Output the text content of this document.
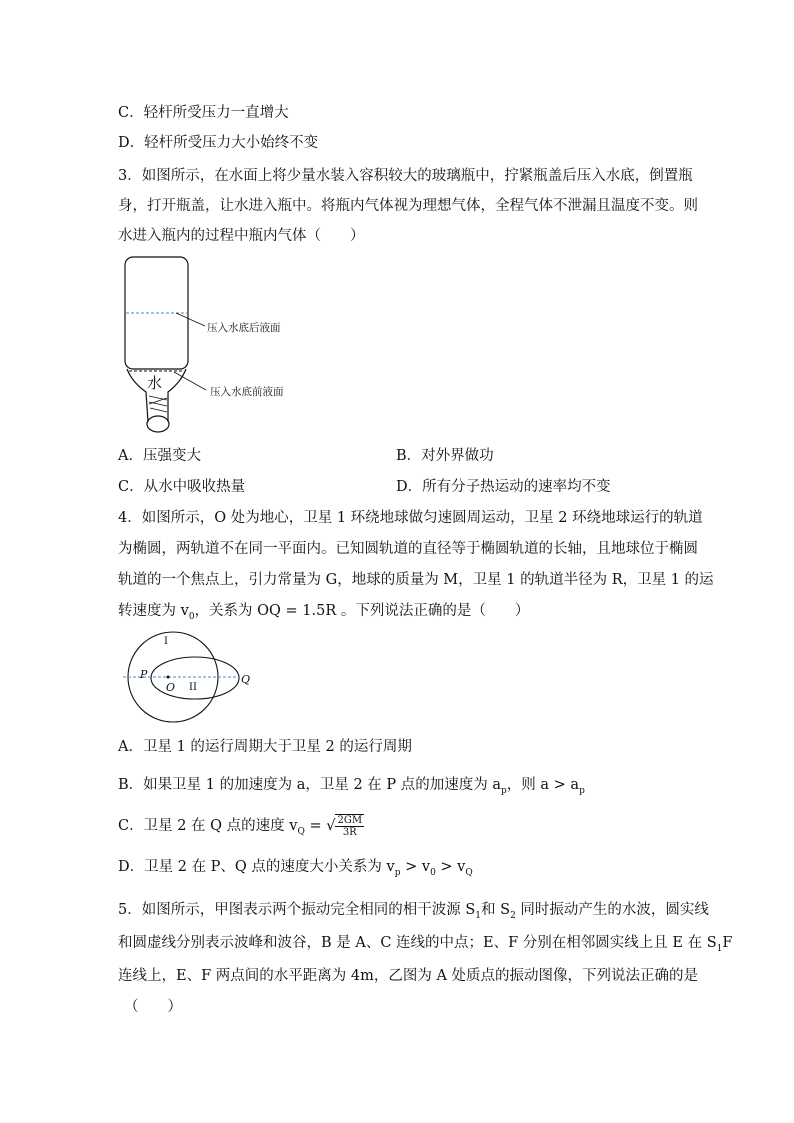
C．轻杆所受压力一直增大
D．轻杆所受压力大小始终不变
3．如图所示，在水面上将少量水装入容积较大的玻璃瓶中，拧紧瓶盖后压入水底，倒置瓶
身，打开瓶盖，让水进入瓶中。将瓶内气体视为理想气体，全程气体不泄漏且温度不变。则
水进入瓶内的过程中瓶内气体（　　）
水
压入水底后液面
压入水底前液面
A．压强变大	B．对外界做功
C．从水中吸收热量	D．所有分子热运动的速率均不变
4．如图所示，O 处为地心，卫星 1 环绕地球做匀速圆周运动，卫星 2 环绕地球运行的轨道
为椭圆，两轨道不在同一平面内。已知圆轨道的直径等于椭圆轨道的长轴，且地球位于椭圆
轨道的一个焦点上，引力常量为 G，地球的质量为 M，卫星 1 的轨道半径为 R，卫星 1 的运
转速度为 $v_0$，关系为 OQ = 1.5R 。下列说法正确的是（　　）
I
II
P
O
Q
A．卫星 1 的运行周期大于卫星 2 的运行周期
B．如果卫星 1 的加速度为 a，卫星 2 在 P 点的加速度为 $a_p$，则 $a > a_p$
C．卫星 2 在 Q 点的速度 $v_Q$ = √ $\frac{2GM}{3R}$
D．卫星 2 在 P、Q 点的速度大小关系为 $v_p > v_0 > v_Q$
5．如图所示，甲图表示两个振动完全相同的相干波源 $S_1$和 $S_2$ 同时振动产生的水波，圆实线
和圆虚线分别表示波峰和波谷，B 是 A、C 连线的中点；E、F 分别在相邻圆实线上且 E 在 $S_1F$
连线上，E、F 两点间的水平距离为 4m，乙图为 A 处质点的振动图像，下列说法正确的是
（　　）
